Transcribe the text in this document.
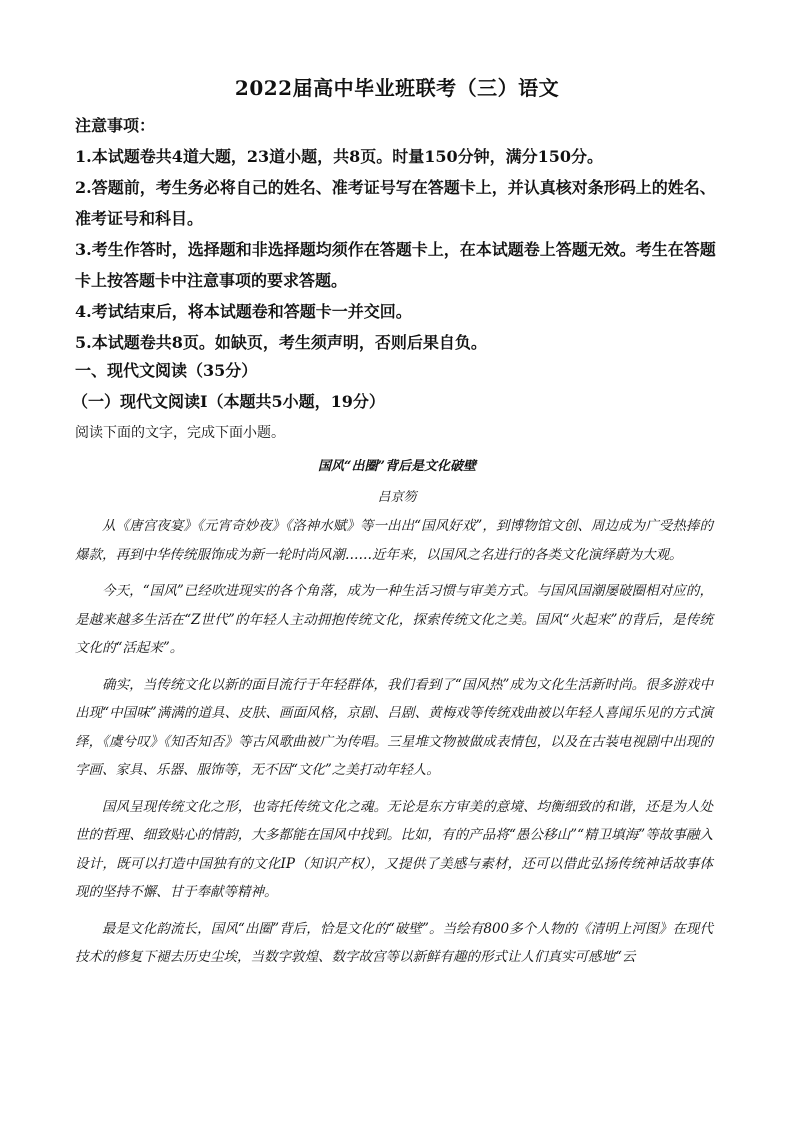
2022届高中毕业班联考（三）语文
注意事项：
1.本试题卷共4道大题，23道小题，共8页。时量150分钟，满分150分。
2.答题前，考生务必将自己的姓名、准考证号写在答题卡上，并认真核对条形码上的姓名、准考证号和科目。
3.考生作答时，选择题和非选择题均须作在答题卡上，在本试题卷上答题无效。考生在答题卡上按答题卡中注意事项的要求答题。
4.考试结束后，将本试题卷和答题卡一并交回。
5.本试题卷共8页。如缺页，考生须声明，否则后果自负。
一、现代文阅读（35分）
（一）现代文阅读I（本题共5小题，19分）
阅读下面的文字，完成下面小题。
国风“出圈”背后是文化破壁
吕京笏

从《唐宫夜宴》《元宵奇妙夜》《洛神水赋》等一出出“国风好戏”，到博物馆文创、周边成为广受热捧的爆款，再到中华传统服饰成为新一轮时尚风潮……近年来，以国风之名进行的各类文化演绎蔚为大观。

今天，“国风”已经吹进现实的各个角落，成为一种生活习惯与审美方式。与国风国潮屡破圈相对应的，是越来越多生活在“Z世代”的年轻人主动拥抱传统文化，探索传统文化之美。国风“火起来”的背后，是传统文化的“活起来”。

确实，当传统文化以新的面目流行于年轻群体，我们看到了“国风热”成为文化生活新时尚。很多游戏中出现“中国味”满满的道具、皮肤、画面风格，京剧、吕剧、黄梅戏等传统戏曲被以年轻人喜闻乐见的方式演绎，《虞兮叹》《知否知否》等古风歌曲被广为传唱。三星堆文物被做成表情包，以及在古装电视剧中出现的字画、家具、乐器、服饰等，无不因“文化”之美打动年轻人。

国风呈现传统文化之形，也寄托传统文化之魂。无论是东方审美的意境、均衡细致的和谐，还是为人处世的哲理、细致贴心的情韵，大多都能在国风中找到。比如，有的产品将“愚公移山”“精卫填海”等故事融入设计，既可以打造中国独有的文化IP（知识产权），又提供了美感与素材，还可以借此弘扬传统神话故事体现的坚持不懈、甘于奉献等精神。

最是文化韵流长，国风“出圈”背后，恰是文化的“破壁”。当绘有800多个人物的《清明上河图》在现代技术的修复下褪去历史尘埃，当数字敦煌、数字故宫等以新鲜有趣的形式让人们真实可感地“云
